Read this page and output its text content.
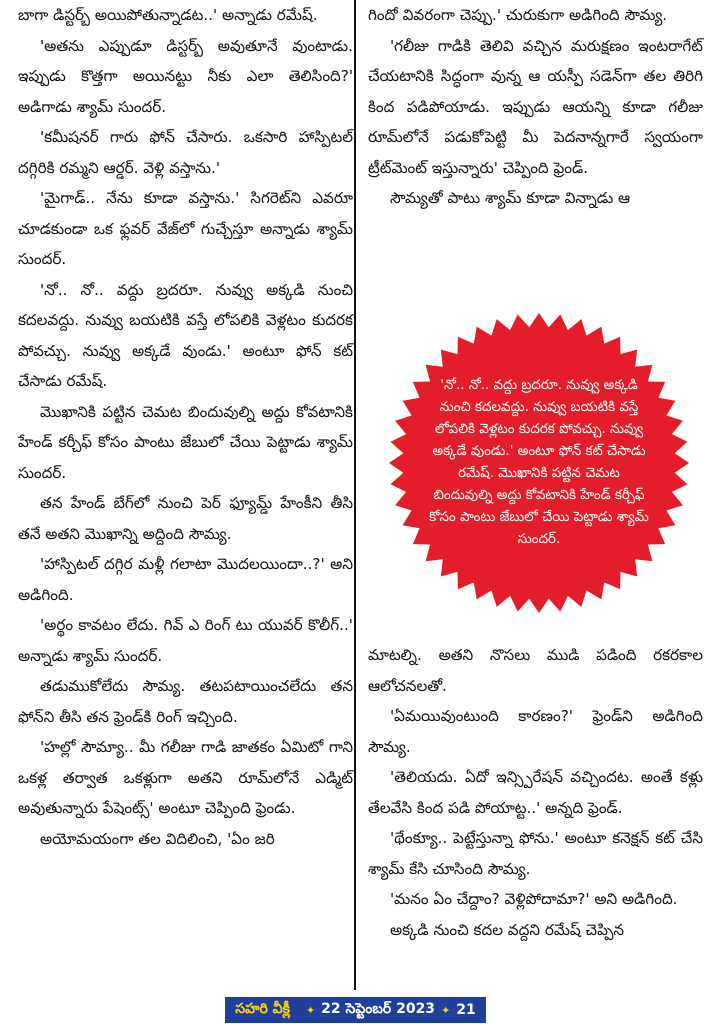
బాగా డిస్టర్బ్ అయిపోతున్నాడట..' అన్నాడు రమేష్.

'అతను ఎప్పుడూ డిస్టర్బ్ అవుతూనే వుంటాడు. ఇప్పుడు కొత్తగా అయినట్టు నీకు ఎలా తెలిసింది?' అడిగాడు శ్యామ్ సుందర్.

'కమీషనర్ గారు ఫోన్ చేసారు. ఒకసారి హాస్పిటల్ దగ్గిరికి రమ్మని ఆర్డర్. వెళ్లి వస్తాను.'

'మైగాడ్.. నేను కూడా వస్తాను.' సిగరెట్‌ని ఎవరూ చూడకుండా ఒక ఫ్లవర్ వేజ్‌లో గుచ్చేస్తూ అన్నాడు శ్యామ్ సుందర్.

'నో.. నో.. వద్దు బ్రదరూ. నువ్వు అక్కడి నుంచి కదలవద్దు. నువ్వు బయటికి వస్తే లోపలికి వెళ్లటం కుదరక పోవచ్చు. నువ్వు అక్కడే వుండు.' అంటూ ఫోన్ కట్ చేసాడు రమేష్.

మొఖానికి పట్టిన చెమట బిందువుల్ని అద్దు కోవటానికి హేండ్ కర్చీఫ్ కోసం పాంటు జేబులో చేయి పెట్టాడు శ్యామ్ సుందర్.

తన హేండ్ బేగ్‌లో నుంచి పెర్ ఫ్యూమ్డ్ హేంకీని తీసి తనే అతని మొఖాన్ని అద్దింది సౌమ్య.

'హాస్పిటల్ దగ్గిర మళ్లీ గలాటా మొదలయిందా..?' అని అడిగింది.

'అర్థం కావటం లేదు. గివ్ ఎ రింగ్ టు యువర్ కొలీగ్..' అన్నాడు శ్యామ్ సుందర్.

తడుముకోలేదు సౌమ్య. తటపటాయించలేదు తన ఫోన్‌ని తీసి తన ఫ్రెండ్‌కి రింగ్ ఇచ్చింది.

'హల్లో సౌమ్యా.. మీ గలీజు గాడి జాతకం ఏమిటో గాని ఒకళ్ల తర్వాత ఒకళ్లుగా అతని రూమ్‌లోనే ఎడ్మిట్ అవుతున్నారు పేషెంట్స్' అంటూ చెప్పింది ఫ్రెండు.

అయోమయంగా తల విదిలించి, 'ఏం జరి

గిందో వివరంగా చెప్పు.' చురుకుగా అడిగింది సౌమ్య.

'గలీజు గాడికి తెలివి వచ్చిన మరుక్షణం ఇంటరాగేట్ చేయటానికి సిద్ధంగా వున్న ఆ యస్పీ సడెన్‌గా తల తిరిగి కింద పడిపోయాడు. ఇప్పుడు ఆయన్ని కూడా గలీజు రూమ్‌లోనే పడుకోపెట్టి మీ పెదనాన్నగారే స్వయంగా ట్రీట్‌మెంట్ ఇస్తున్నారు' చెప్పింది ఫ్రెండ్.

సౌమ్యతో పాటు శ్యామ్ కూడా విన్నాడు ఆ

'నో.. నో.. వద్దు బ్రదరూ. నువ్వు అక్కడి నుంచి కదలవద్దు. నువ్వు బయటికి వస్తే లోపలికి వెళ్లటం కుదరక పోవచ్చు. నువ్వు అక్కడే వుండు.' అంటూ ఫోన్ కట్ చేసాడు రమేష్. మొఖానికి పట్టిన చెమట బిందువుల్ని అద్దు కోవటానికి హేండ్ కర్చీఫ్ కోసం పాంటు జేబులో చేయి పెట్టాడు శ్యామ్ సుందర్.

మాటల్ని. అతని నొసలు ముడి పడింది రకరకాల ఆలోచనలతో.

'ఏమయివుంటుంది కారణం?' ఫ్రెండ్‌ని అడిగింది సౌమ్య.

'తెలియదు. ఏదో ఇన్స్పిరేషన్ వచ్చిందట. అంతే కళ్లు తేలవేసి కింద పడి పోయాట్ట..' అన్నది ఫ్రెండ్.

'థేంక్యూ.. పెట్టేస్తున్నా ఫోను.' అంటూ కనెక్షన్ కట్ చేసి శ్యామ్ కేసి చూసింది సౌమ్య.

'మనం ఏం చేద్దాం? వెళ్లిపోదామా?' అని అడిగింది.

అక్కడి నుంచి కదల వద్దని రమేష్ చెప్పిన

సహరి వీక్లీ ✦ 22 సెప్టెంబర్ 2023 ✦ 21
